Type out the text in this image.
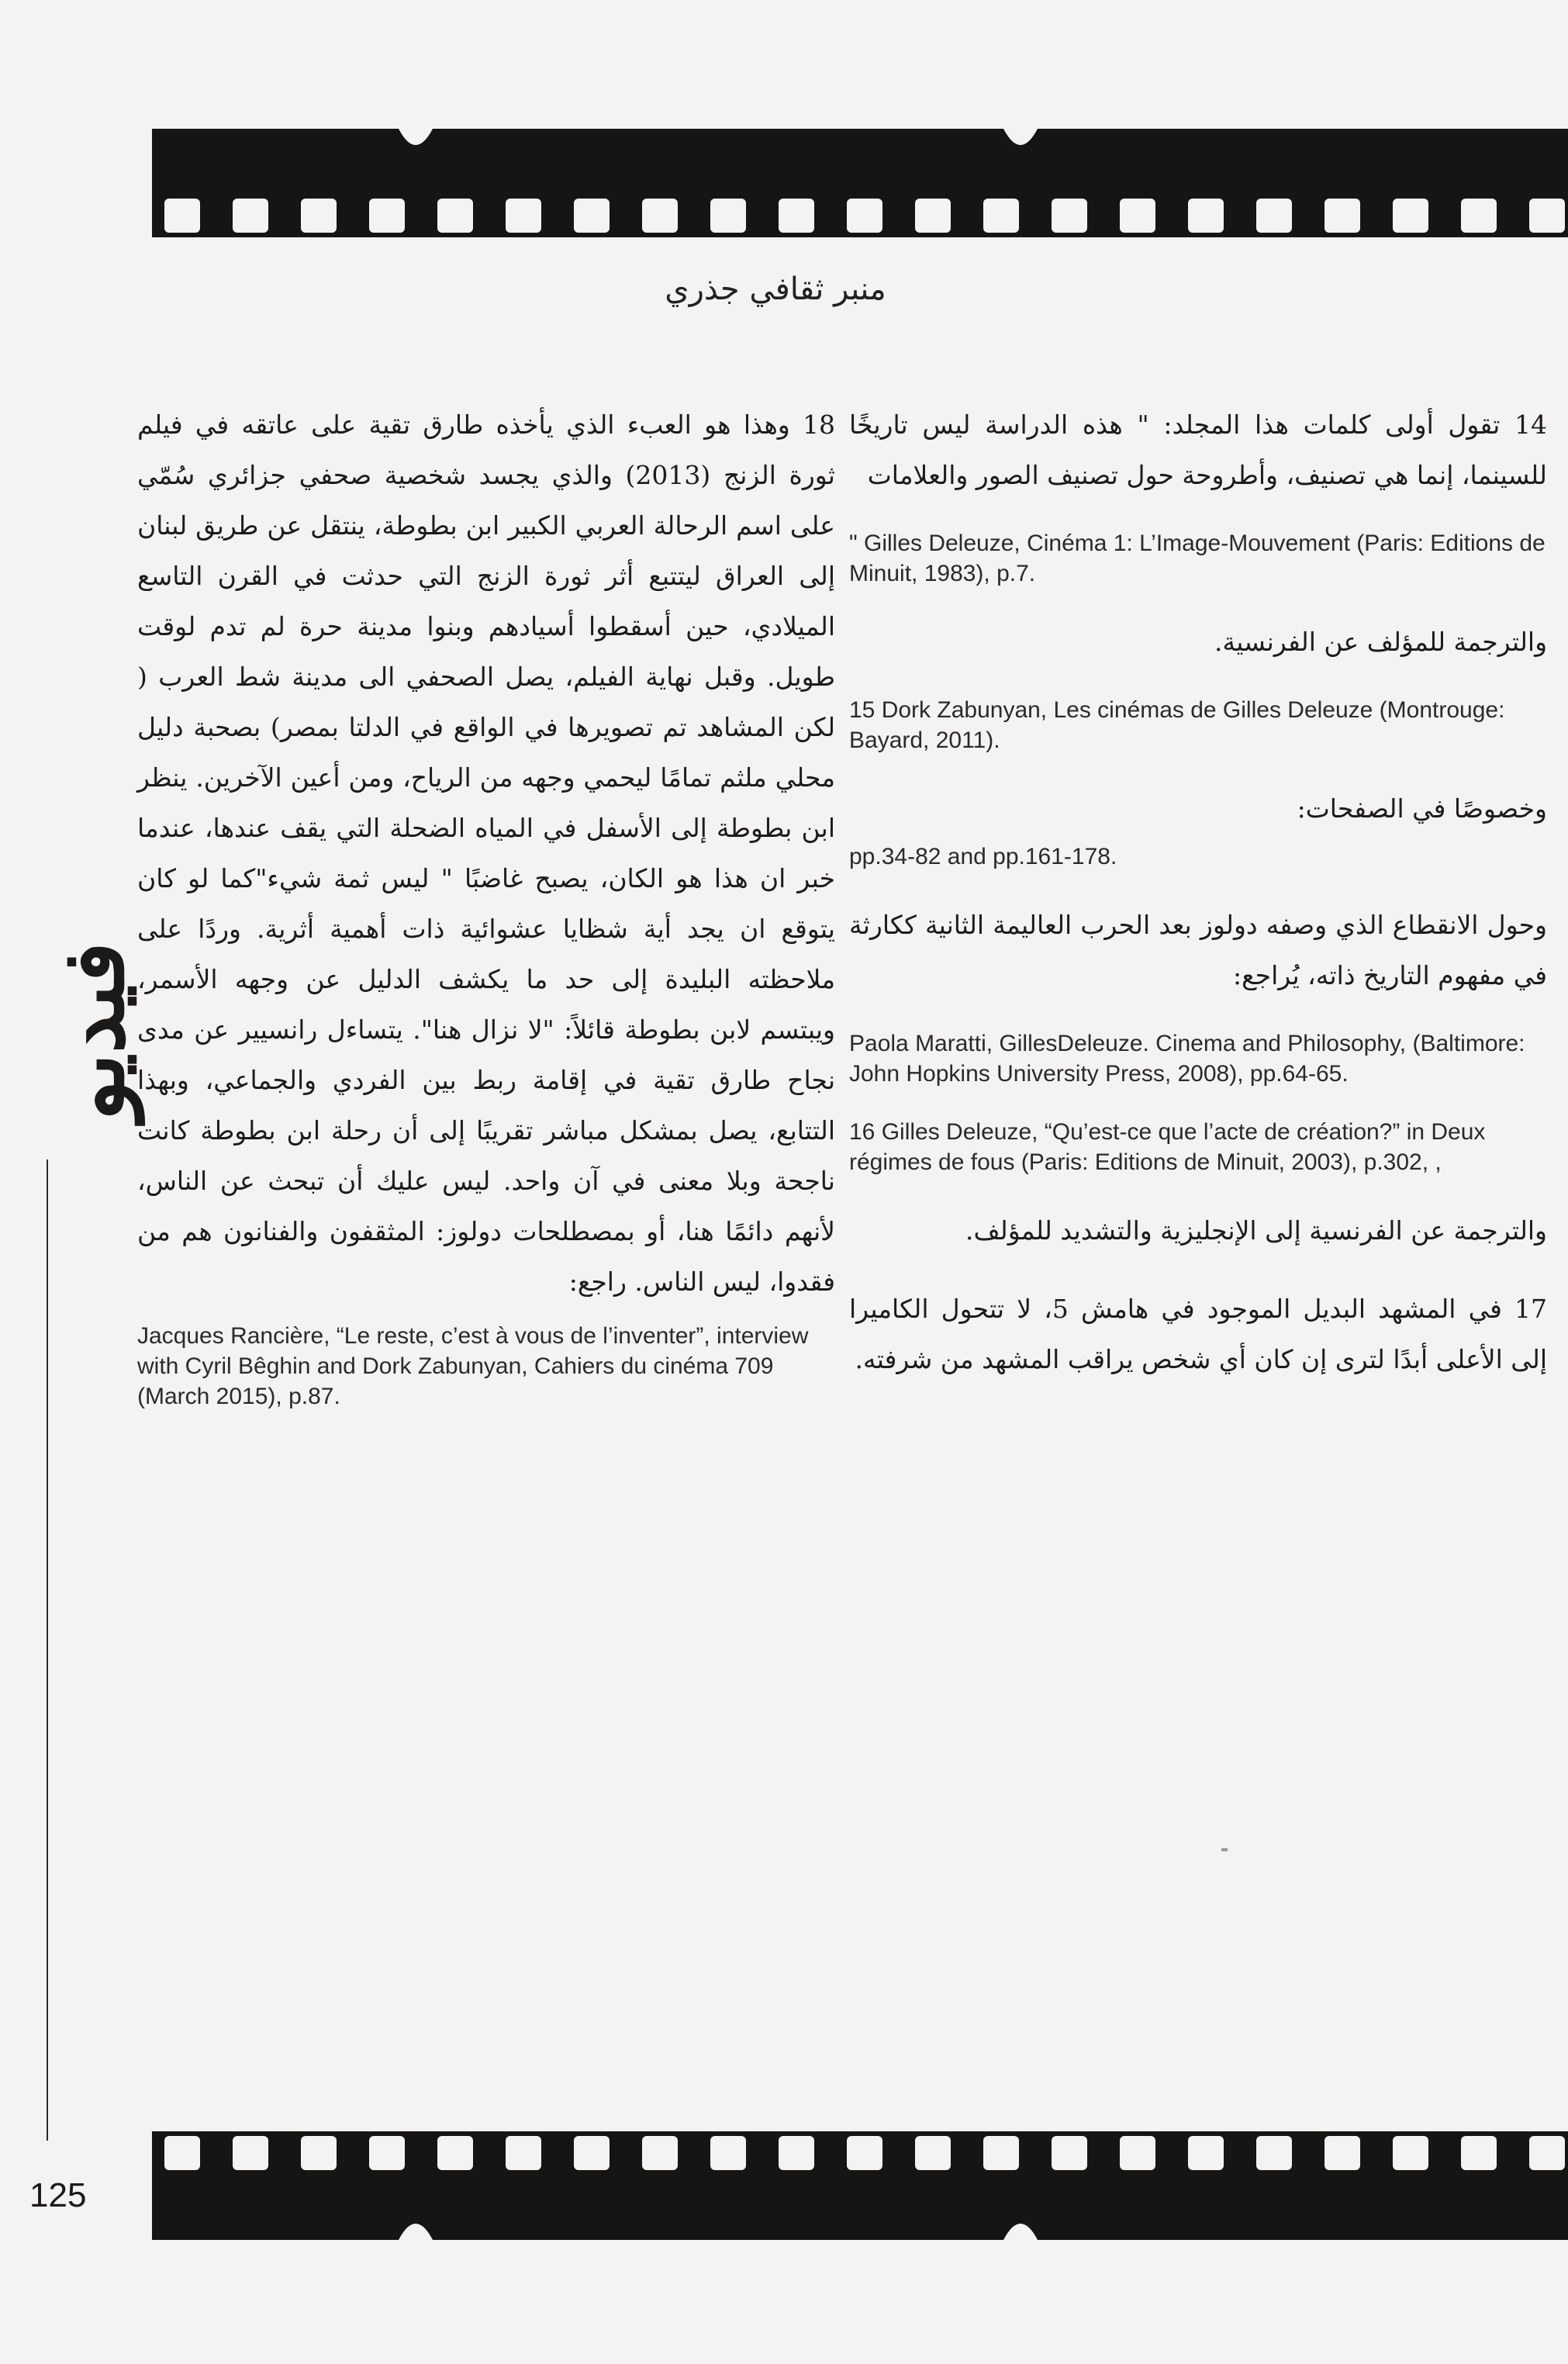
منبر ثقافي جذري

18 وهذا هو العبء الذي يأخذه طارق تقية على عاتقه في فيلم ثورة الزنج (2013) والذي يجسد شخصية صحفي جزائري سُمّي على اسم الرحالة العربي الكبير ابن بطوطة، ينتقل عن طريق لبنان إلى العراق ليتتبع أثر ثورة الزنج التي حدثت في القرن التاسع الميلادي، حين أسقطوا أسيادهم وبنوا مدينة حرة لم تدم لوقت طويل. وقبل نهاية الفيلم، يصل الصحفي الى مدينة شط العرب ( لكن المشاهد تم تصويرها في الواقع في الدلتا بمصر) بصحبة دليل محلي ملثم تمامًا ليحمي وجهه من الرياح، ومن أعين الآخرين. ينظر ابن بطوطة إلى الأسفل في المياه الضحلة التي يقف عندها، عندما خبر ان هذا هو الكان، يصبح غاضبًا " ليس ثمة شيء"كما لو كان يتوقع ان يجد أية شظايا عشوائية ذات أهمية أثرية. وردًا على ملاحظته البليدة إلى حد ما يكشف الدليل عن وجهه الأسمر، ويبتسم لابن بطوطة قائلاً: "لا نزال هنا". يتساءل رانسيير عن مدى نجاح طارق تقية في إقامة ربط بين الفردي والجماعي، وبهذا التتابع، يصل بمشكل مباشر تقريبًا إلى أن رحلة ابن بطوطة كانت ناجحة وبلا معنى في آن واحد. ليس عليك أن تبحث عن الناس، لأنهم دائمًا هنا، أو بمصطلحات دولوز: المثقفون والفنانون هم من فقدوا، ليس الناس. راجع:

Jacques Rancière, “Le reste, c’est à vous de l’inventer”, interview with Cyril Bêghin and Dork Zabunyan, Cahiers du cinéma 709 (March 2015), p.87.

14 تقول أولى كلمات هذا المجلد: " هذه الدراسة ليس تاريخًا للسينما، إنما هي تصنيف، وأطروحة حول تصنيف الصور والعلامات

" Gilles Deleuze, Cinéma 1: L’Image-Mouvement (Paris: Editions de Minuit, 1983), p.7.

والترجمة للمؤلف عن الفرنسية.

15 Dork Zabunyan, Les cinémas de Gilles Deleuze (Montrouge: Bayard, 2011).

وخصوصًا في الصفحات:

pp.34-82 and pp.161-178.

وحول الانقطاع الذي وصفه دولوز بعد الحرب العاليمة الثانية ككارثة في مفهوم التاريخ ذاته، يُراجع:

Paola Maratti, GillesDeleuze. Cinema and Philosophy, (Baltimore: John Hopkins University Press, 2008), pp.64-65.

16 Gilles Deleuze, “Qu’est-ce que l’acte de création?” in Deux régimes de fous (Paris: Editions de Minuit, 2003), p.302, ,

والترجمة عن الفرنسية إلى الإنجليزية والتشديد للمؤلف.

17 في المشهد البديل الموجود في هامش 5، لا تتحول الكاميرا إلى الأعلى أبدًا لترى إن كان أي شخص يراقب المشهد من شرفته.

فيديو
125
